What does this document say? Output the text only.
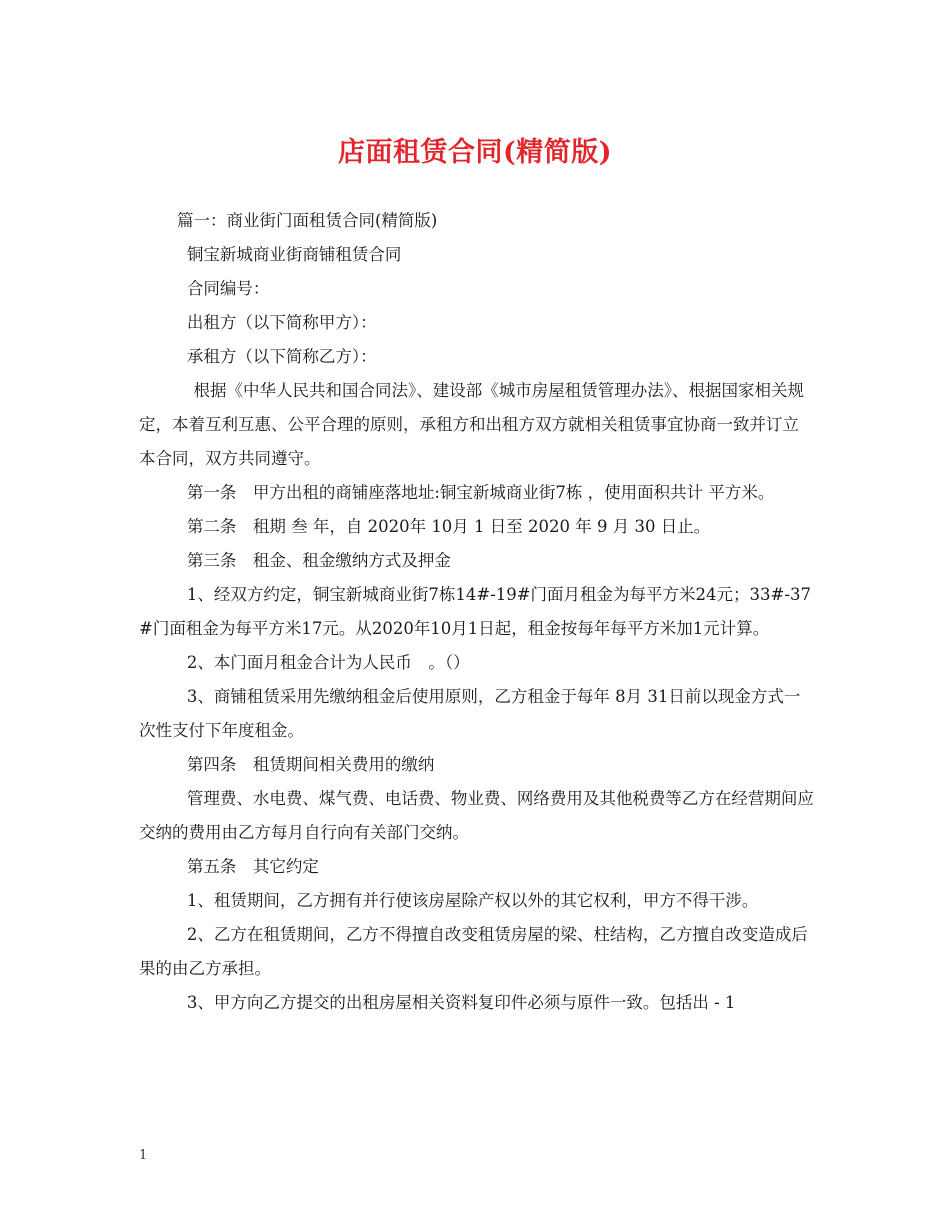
店面租赁合同(精简版)

篇一：商业街门面租赁合同(精简版)

铜宝新城商业街商铺租赁合同

合同编号：

出租方（以下简称甲方）：

承租方（以下简称乙方）：

根据《中华人民共和国合同法》、建设部《城市房屋租赁管理办法》、根据国家相关规定，本着互利互惠、公平合理的原则，承租方和出租方双方就相关租赁事宜协商一致并订立本合同，双方共同遵守。

第一条　甲方出租的商铺座落地址:铜宝新城商业街7栋 ，使用面积共计 平方米。

第二条　租期 叁 年，自 2020年 10月 1 日至 2020 年 9 月 30 日止。

第三条　租金、租金缴纳方式及押金

1、经双方约定，铜宝新城商业街7栋14#-19#门面月租金为每平方米24元；33#-37#门面租金为每平方米17元。从2020年10月1日起，租金按每年每平方米加1元计算。

2、本门面月租金合计为人民币　。（）

3、商铺租赁采用先缴纳租金后使用原则，乙方租金于每年 8月 31日前以现金方式一次性支付下年度租金。

第四条　租赁期间相关费用的缴纳

管理费、水电费、煤气费、电话费、物业费、网络费用及其他税费等乙方在经营期间应交纳的费用由乙方每月自行向有关部门交纳。

第五条　其它约定

1、租赁期间，乙方拥有并行使该房屋除产权以外的其它权利，甲方不得干涉。

2、乙方在租赁期间，乙方不得擅自改变租赁房屋的梁、柱结构，乙方擅自改变造成后果的由乙方承担。

3、甲方向乙方提交的出租房屋相关资料复印件必须与原件一致。包括出 - 1

1
